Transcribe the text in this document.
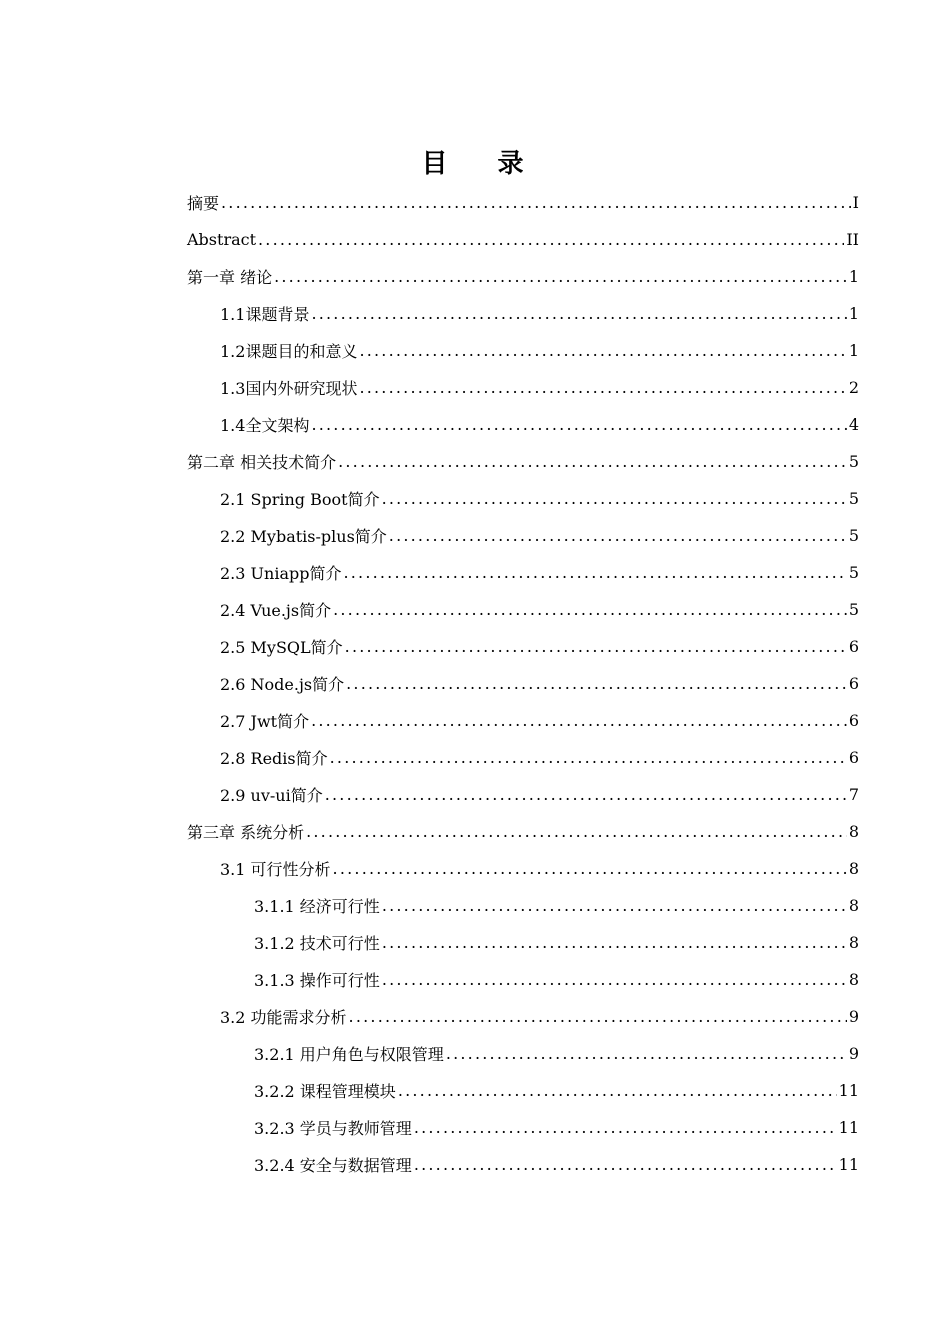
目录
摘要 .....	I
Abstract .....	II
第一章 绪论 .....	1
1.1课题背景 .....	1
1.2课题目的和意义 .....	1
1.3国内外研究现状 .....	2
1.4全文架构 .....	4
第二章 相关技术简介 .....	5
2.1 Spring Boot简介 .....	5
2.2 Mybatis-plus简介 .....	5
2.3 Uniapp简介 .....	5
2.4 Vue.js简介 .....	5
2.5 MySQL简介 .....	6
2.6 Node.js简介 .....	6
2.7 Jwt简介 .....	6
2.8 Redis简介 .....	6
2.9 uv-ui简介 .....	7
第三章 系统分析 .....	8
3.1 可行性分析 .....	8
3.1.1 经济可行性 .....	8
3.1.2 技术可行性 .....	8
3.1.3 操作可行性 .....	8
3.2 功能需求分析 .....	9
3.2.1 用户角色与权限管理 .....	9
3.2.2 课程管理模块 .....	11
3.2.3 学员与教师管理 .....	11
3.2.4 安全与数据管理 .....	11
